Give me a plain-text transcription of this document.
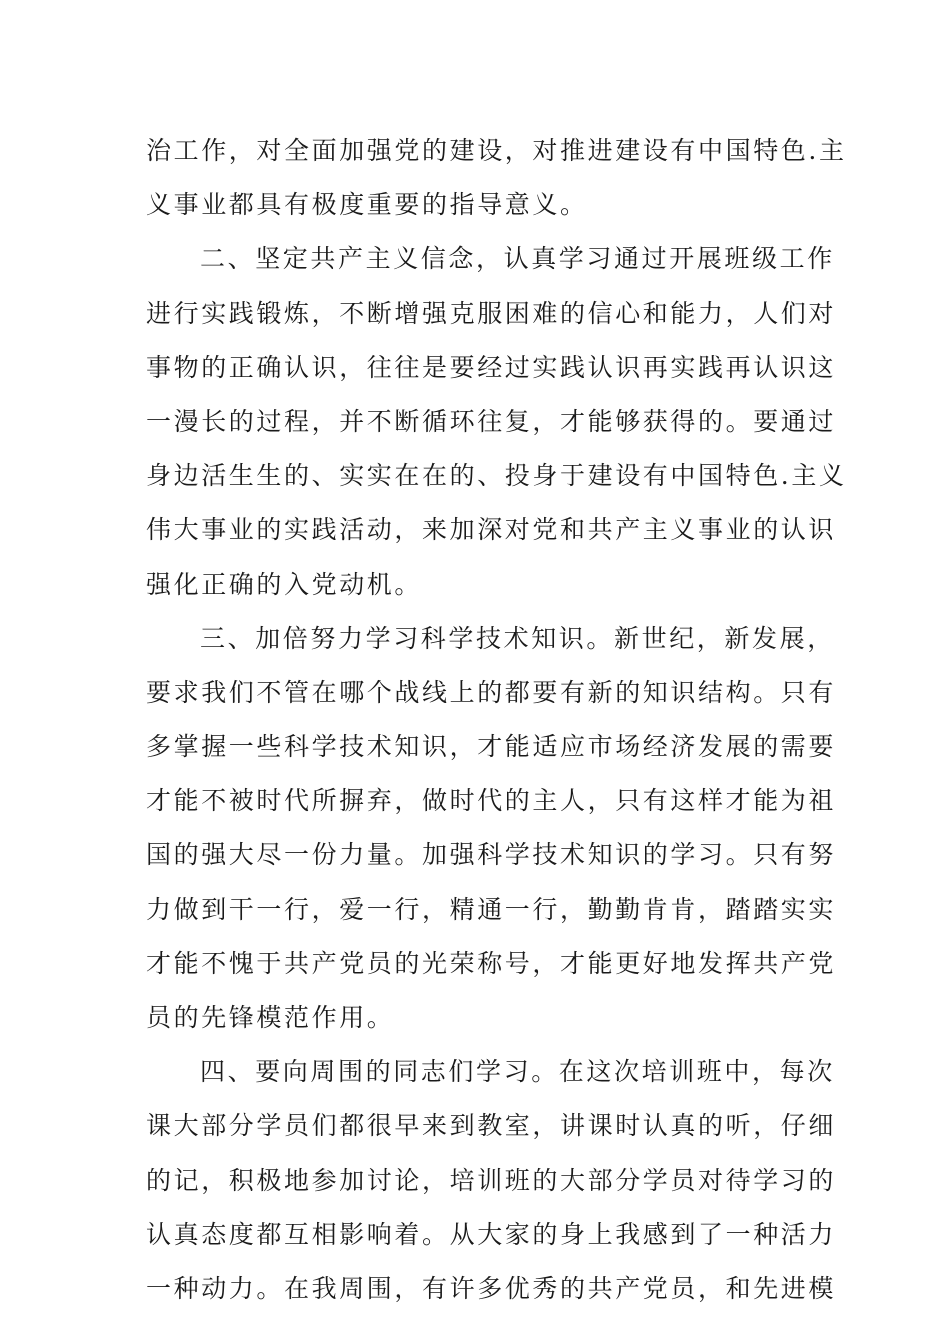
治工作，对全面加强党的建设，对推进建设有中国特色.主
义事业都具有极度重要的指导意义。
二、坚定共产主义信念，认真学习通过开展班级工作
进行实践锻炼，不断增强克服困难的信心和能力，人们对
事物的正确认识，往往是要经过实践认识再实践再认识这
一漫长的过程，并不断循环往复，才能够获得的。要通过
身边活生生的、实实在在的、投身于建设有中国特色.主义
伟大事业的实践活动，来加深对党和共产主义事业的认识
强化正确的入党动机。
三、加倍努力学习科学技术知识。新世纪，新发展，
要求我们不管在哪个战线上的都要有新的知识结构。只有
多掌握一些科学技术知识，才能适应市场经济发展的需要
才能不被时代所摒弃，做时代的主人，只有这样才能为祖
国的强大尽一份力量。加强科学技术知识的学习。只有努
力做到干一行，爱一行，精通一行，勤勤肯肯，踏踏实实
才能不愧于共产党员的光荣称号，才能更好地发挥共产党
员的先锋模范作用。
四、要向周围的同志们学习。在这次培训班中，每次
课大部分学员们都很早来到教室，讲课时认真的听，仔细
的记，积极地参加讨论，培训班的大部分学员对待学习的
认真态度都互相影响着。从大家的身上我感到了一种活力
一种动力。在我周围，有许多优秀的共产党员，和先进模
